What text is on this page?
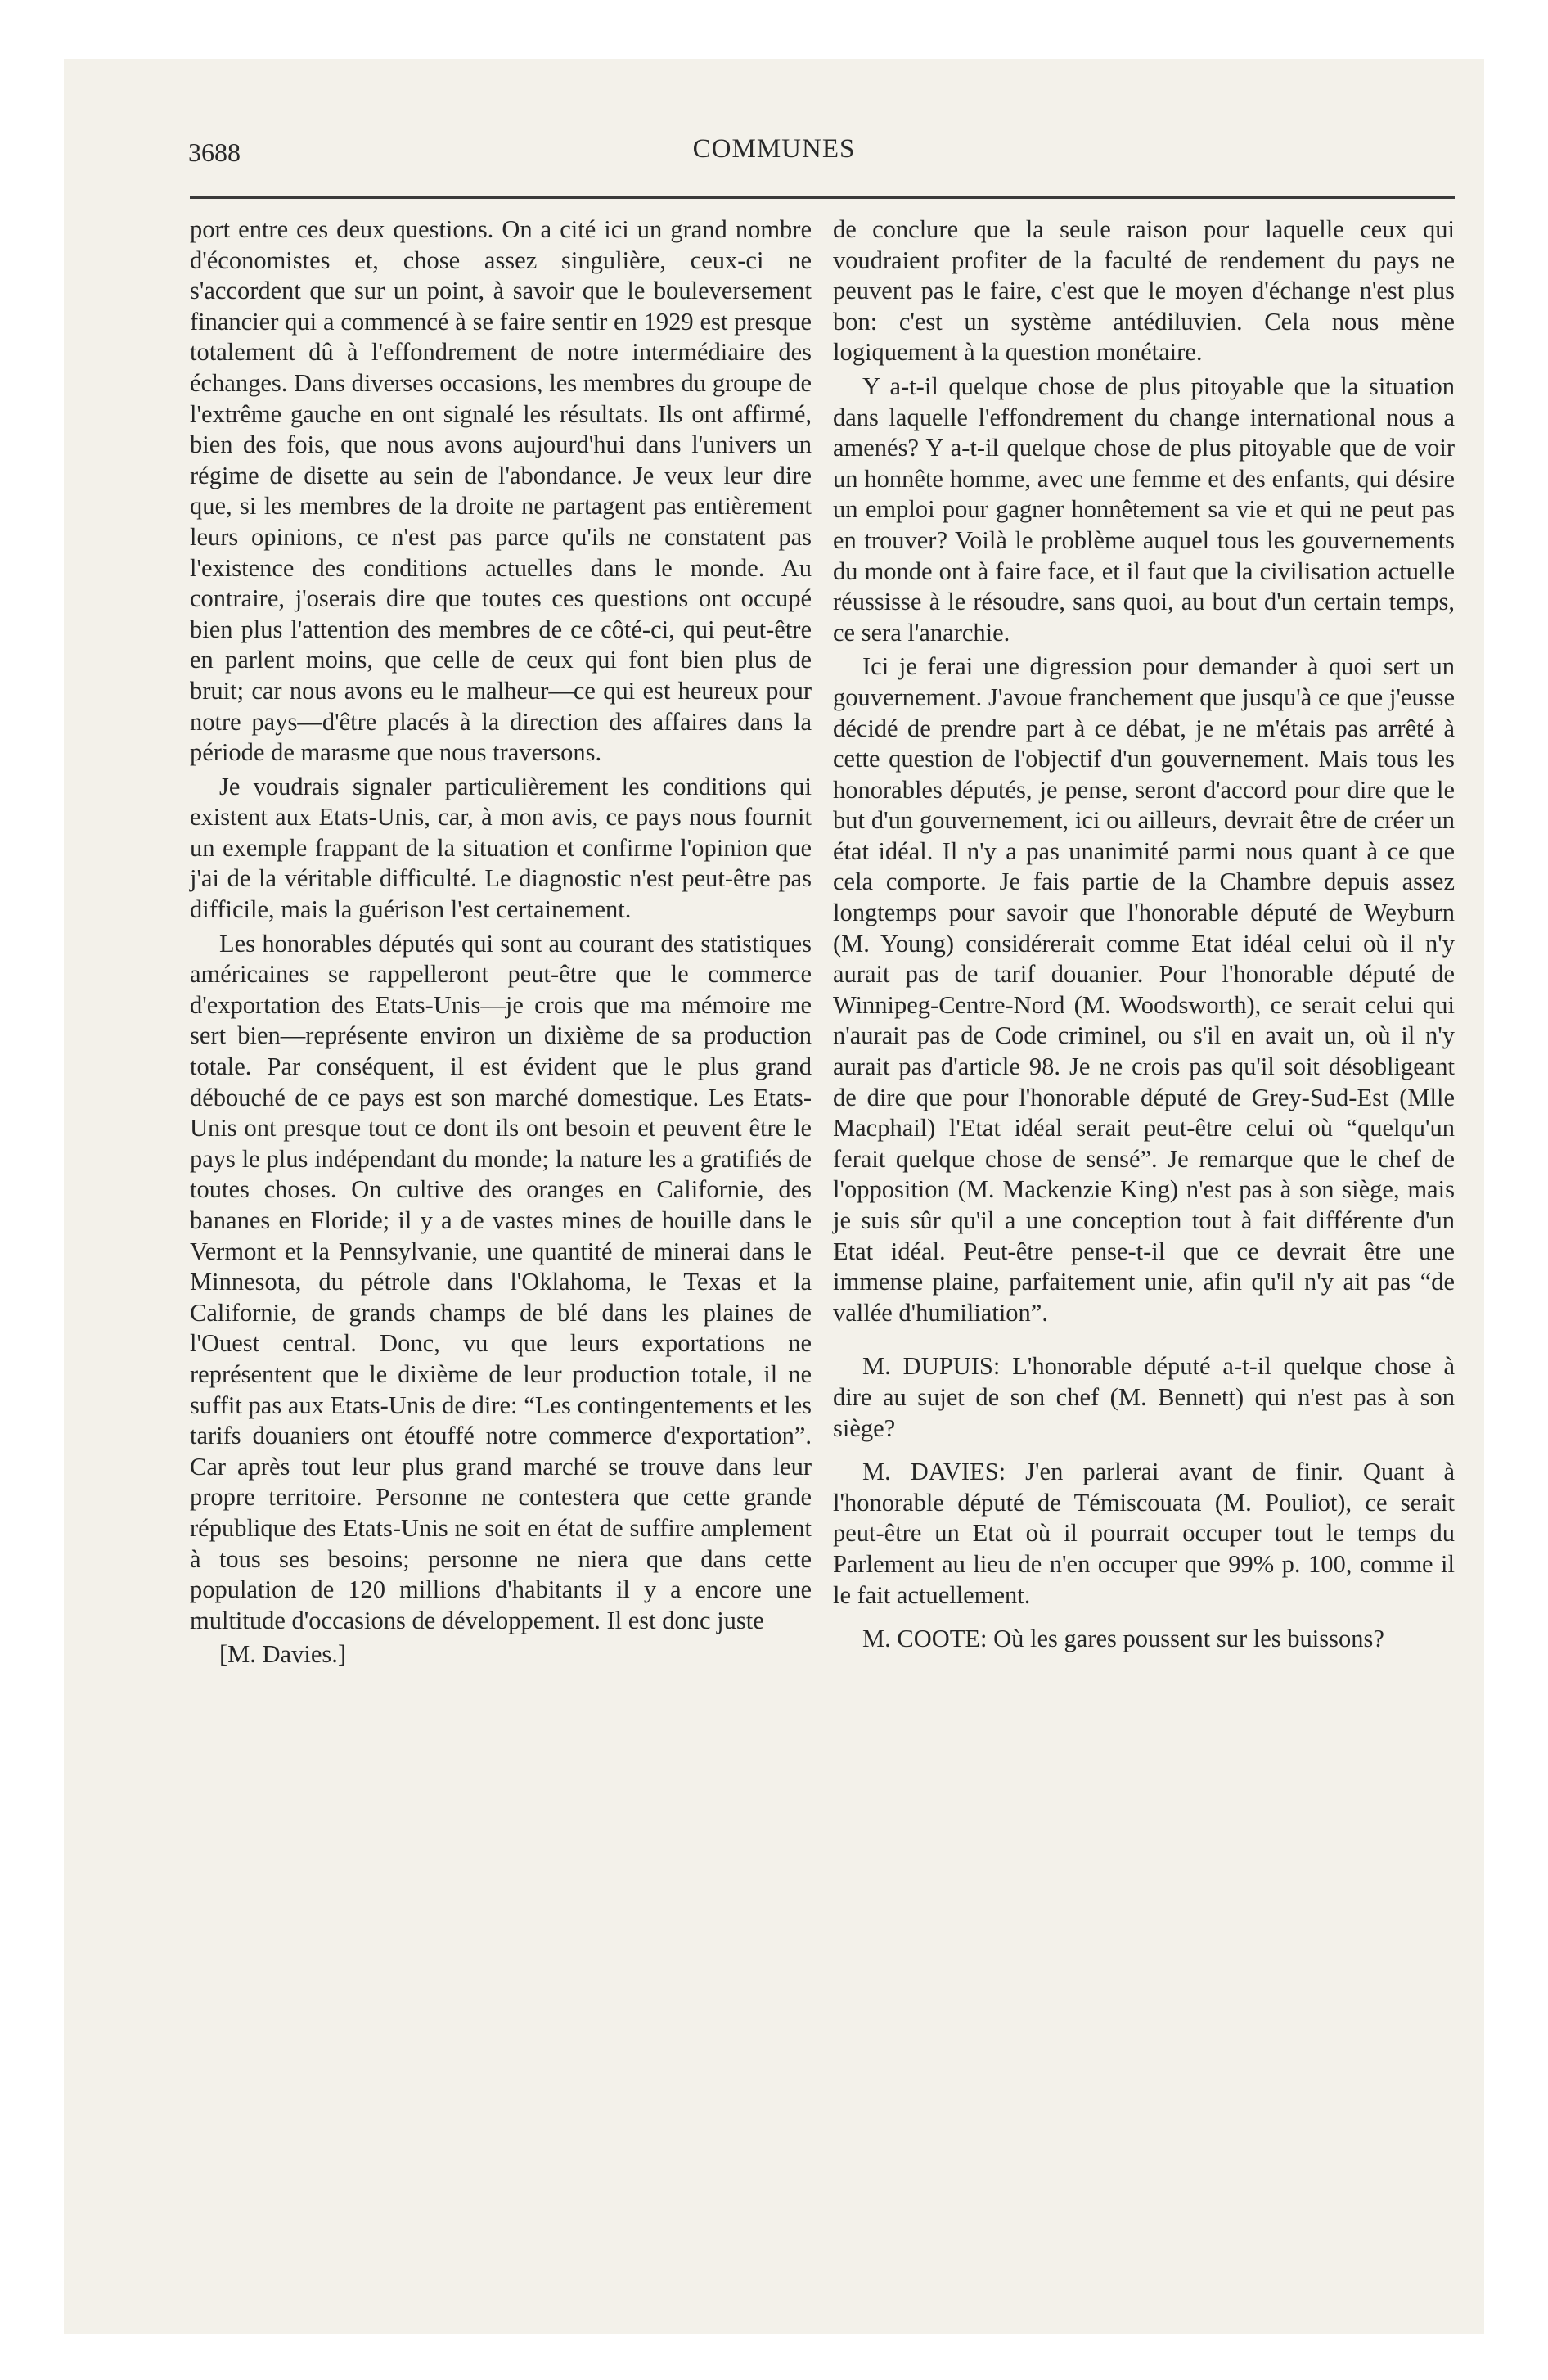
3688	COMMUNES

port entre ces deux questions. On a cité ici un grand nombre d'économistes et, chose assez singulière, ceux-ci ne s'accordent que sur un point, à savoir que le bouleversement financier qui a commencé à se faire sentir en 1929 est presque totalement dû à l'effondrement de notre intermédiaire des échanges. Dans diverses occasions, les membres du groupe de l'extrême gauche en ont signalé les résultats. Ils ont affirmé, bien des fois, que nous avons aujourd'hui dans l'univers un régime de disette au sein de l'abondance. Je veux leur dire que, si les membres de la droite ne partagent pas entièrement leurs opinions, ce n'est pas parce qu'ils ne constatent pas l'existence des conditions actuelles dans le monde. Au contraire, j'oserais dire que toutes ces questions ont occupé bien plus l'attention des membres de ce côté-ci, qui peut-être en parlent moins, que celle de ceux qui font bien plus de bruit; car nous avons eu le malheur—ce qui est heureux pour notre pays—d'être placés à la direction des affaires dans la période de marasme que nous traversons.

Je voudrais signaler particulièrement les conditions qui existent aux Etats-Unis, car, à mon avis, ce pays nous fournit un exemple frappant de la situation et confirme l'opinion que j'ai de la véritable difficulté. Le diagnostic n'est peut-être pas difficile, mais la guérison l'est certainement.

Les honorables députés qui sont au courant des statistiques américaines se rappelleront peut-être que le commerce d'exportation des Etats-Unis—je crois que ma mémoire me sert bien—représente environ un dixième de sa production totale. Par conséquent, il est évident que le plus grand débouché de ce pays est son marché domestique. Les Etats-Unis ont presque tout ce dont ils ont besoin et peuvent être le pays le plus indépendant du monde; la nature les a gratifiés de toutes choses. On cultive des oranges en Californie, des bananes en Floride; il y a de vastes mines de houille dans le Vermont et la Pennsylvanie, une quantité de minerai dans le Minnesota, du pétrole dans l'Oklahoma, le Texas et la Californie, de grands champs de blé dans les plaines de l'Ouest central. Donc, vu que leurs exportations ne représentent que le dixième de leur production totale, il ne suffit pas aux Etats-Unis de dire: “Les contingentements et les tarifs douaniers ont étouffé notre commerce d'exportation”. Car après tout leur plus grand marché se trouve dans leur propre territoire. Personne ne contestera que cette grande république des Etats-Unis ne soit en état de suffire amplement à tous ses besoins; personne ne niera que dans cette population de 120 millions d'habitants il y a encore une multitude d'occasions de développement. Il est donc juste

[M. Davies.]

de conclure que la seule raison pour laquelle ceux qui voudraient profiter de la faculté de rendement du pays ne peuvent pas le faire, c'est que le moyen d'échange n'est plus bon: c'est un système antédiluvien. Cela nous mène logiquement à la question monétaire.

Y a-t-il quelque chose de plus pitoyable que la situation dans laquelle l'effondrement du change international nous a amenés? Y a-t-il quelque chose de plus pitoyable que de voir un honnête homme, avec une femme et des enfants, qui désire un emploi pour gagner honnêtement sa vie et qui ne peut pas en trouver? Voilà le problème auquel tous les gouvernements du monde ont à faire face, et il faut que la civilisation actuelle réussisse à le résoudre, sans quoi, au bout d'un certain temps, ce sera l'anarchie.

Ici je ferai une digression pour demander à quoi sert un gouvernement. J'avoue franchement que jusqu'à ce que j'eusse décidé de prendre part à ce débat, je ne m'étais pas arrêté à cette question de l'objectif d'un gouvernement. Mais tous les honorables députés, je pense, seront d'accord pour dire que le but d'un gouvernement, ici ou ailleurs, devrait être de créer un état idéal. Il n'y a pas unanimité parmi nous quant à ce que cela comporte. Je fais partie de la Chambre depuis assez longtemps pour savoir que l'honorable député de Weyburn (M. Young) considérerait comme Etat idéal celui où il n'y aurait pas de tarif douanier. Pour l'honorable député de Winnipeg-Centre-Nord (M. Woodsworth), ce serait celui qui n'aurait pas de Code criminel, ou s'il en avait un, où il n'y aurait pas d'article 98. Je ne crois pas qu'il soit désobligeant de dire que pour l'honorable député de Grey-Sud-Est (Mlle Macphail) l'Etat idéal serait peut-être celui où “quelqu'un ferait quelque chose de sensé”. Je remarque que le chef de l'opposition (M. Mackenzie King) n'est pas à son siège, mais je suis sûr qu'il a une conception tout à fait différente d'un Etat idéal. Peut-être pense-t-il que ce devrait être une immense plaine, parfaitement unie, afin qu'il n'y ait pas “de vallée d'humiliation”.

M. DUPUIS: L'honorable député a-t-il quelque chose à dire au sujet de son chef (M. Bennett) qui n'est pas à son siège?

M. DAVIES: J'en parlerai avant de finir. Quant à l'honorable député de Témiscouata (M. Pouliot), ce serait peut-être un Etat où il pourrait occuper tout le temps du Parlement au lieu de n'en occuper que 99% p. 100, comme il le fait actuellement.

M. COOTE: Où les gares poussent sur les buissons?
